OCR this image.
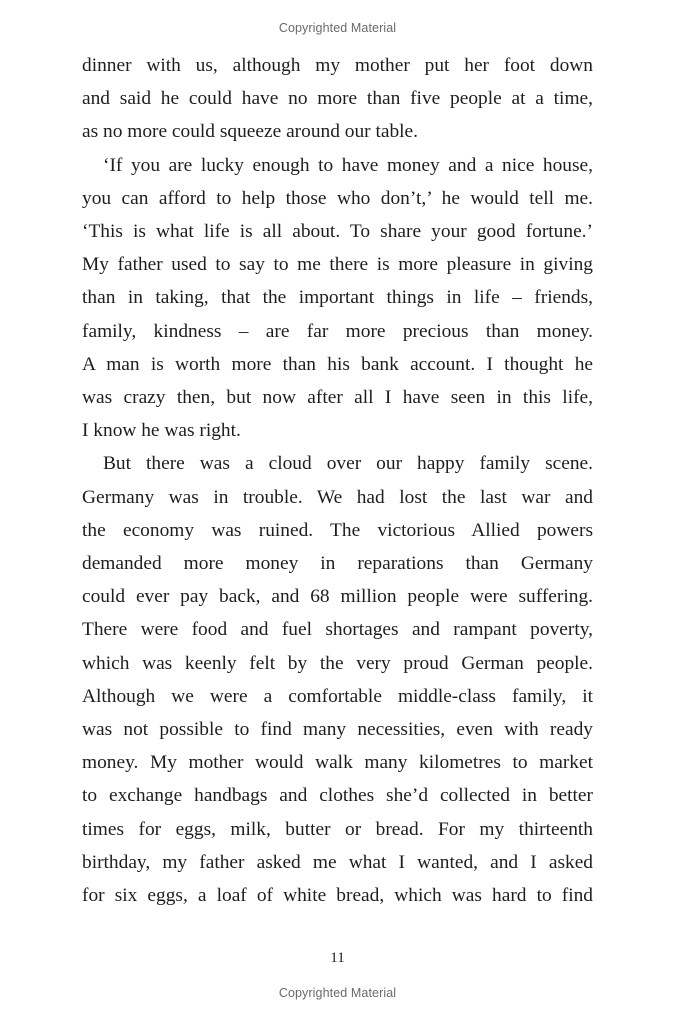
Copyrighted Material
dinner with us, although my mother put her foot down
and said he could have no more than five people at a time,
as no more could squeeze around our table.
‘If you are lucky enough to have money and a nice house,
you can afford to help those who don’t,’ he would tell me.
‘This is what life is all about. To share your good fortune.’
My father used to say to me there is more pleasure in giving
than in taking, that the important things in life – friends,
family, kindness – are far more precious than money.
A man is worth more than his bank account. I thought he
was crazy then, but now after all I have seen in this life,
I know he was right.
But there was a cloud over our happy family scene.
Germany was in trouble. We had lost the last war and
the economy was ruined. The victorious Allied powers
demanded more money in reparations than Germany
could ever pay back, and 68 million people were suffering.
There were food and fuel shortages and rampant poverty,
which was keenly felt by the very proud German people.
Although we were a comfortable middle-class family, it
was not possible to find many necessities, even with ready
money. My mother would walk many kilometres to market
to exchange handbags and clothes she’d collected in better
times for eggs, milk, butter or bread. For my thirteenth
birthday, my father asked me what I wanted, and I asked
for six eggs, a loaf of white bread, which was hard to find
11
Copyrighted Material
